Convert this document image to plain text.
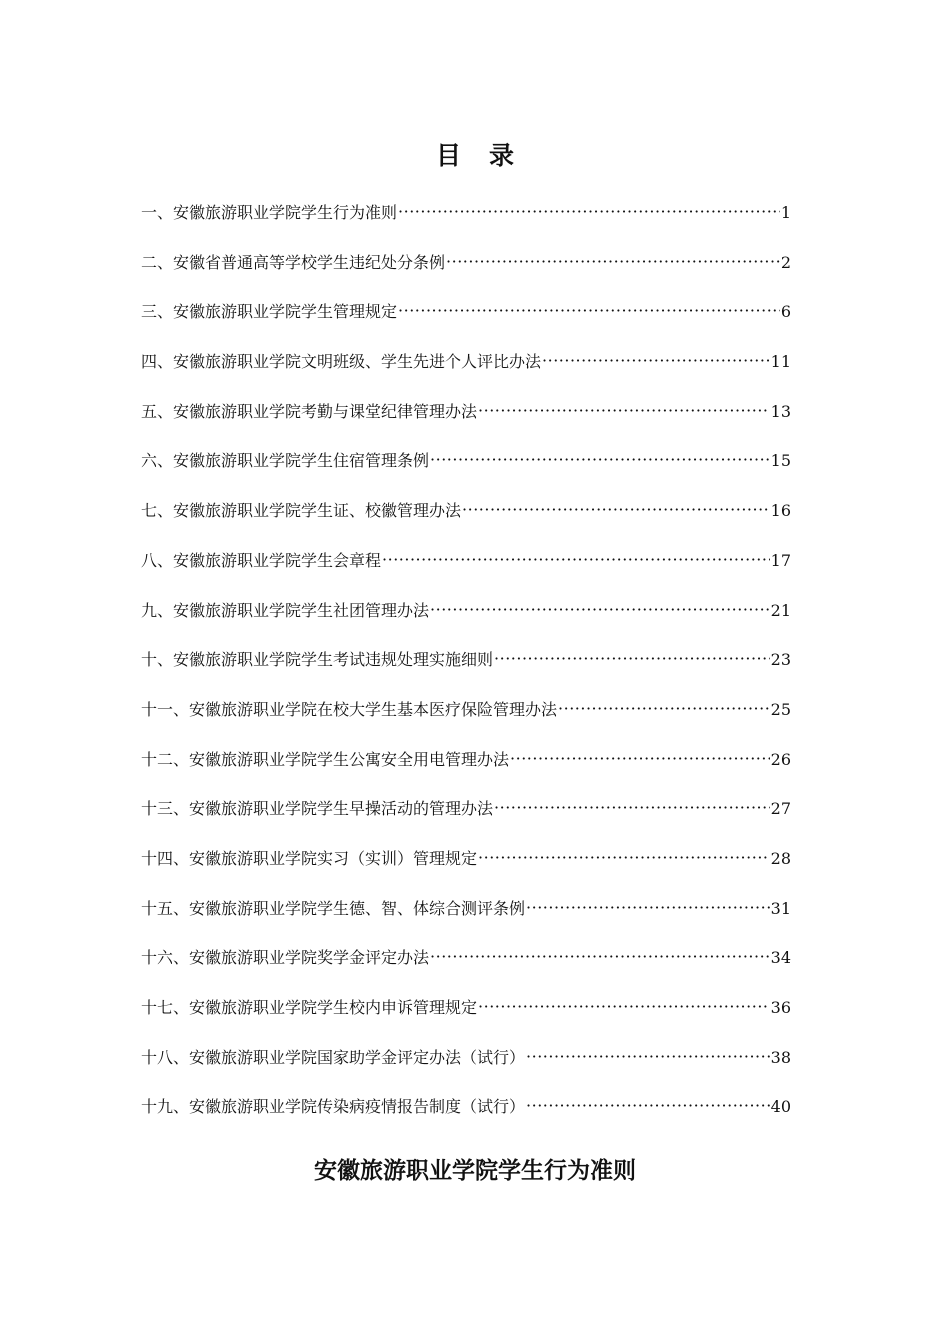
目 录
一、安徽旅游职业学院学生行为准则 ·····	1
二、安徽省普通高等学校学生违纪处分条例 ·····	2
三、安徽旅游职业学院学生管理规定 ·····	6
四、安徽旅游职业学院文明班级、学生先进个人评比办法 ·····	11
五、安徽旅游职业学院考勤与课堂纪律管理办法 ·····	13
六、安徽旅游职业学院学生住宿管理条例 ·····	15
七、安徽旅游职业学院学生证、校徽管理办法 ·····	16
八、安徽旅游职业学院学生会章程 ·····	17
九、安徽旅游职业学院学生社团管理办法 ·····	21
十、安徽旅游职业学院学生考试违规处理实施细则 ·····	23
十一、安徽旅游职业学院在校大学生基本医疗保险管理办法 ·····	25
十二、安徽旅游职业学院学生公寓安全用电管理办法 ·····	26
十三、安徽旅游职业学院学生早操活动的管理办法 ·····	27
十四、安徽旅游职业学院实习（实训）管理规定 ·····	28
十五、安徽旅游职业学院学生德、智、体综合测评条例 ·····	31
十六、安徽旅游职业学院奖学金评定办法 ·····	34
十七、安徽旅游职业学院学生校内申诉管理规定 ·····	36
十八、安徽旅游职业学院国家助学金评定办法（试行） ·····	38
十九、安徽旅游职业学院传染病疫情报告制度（试行） ·····	40
安徽旅游职业学院学生行为准则
